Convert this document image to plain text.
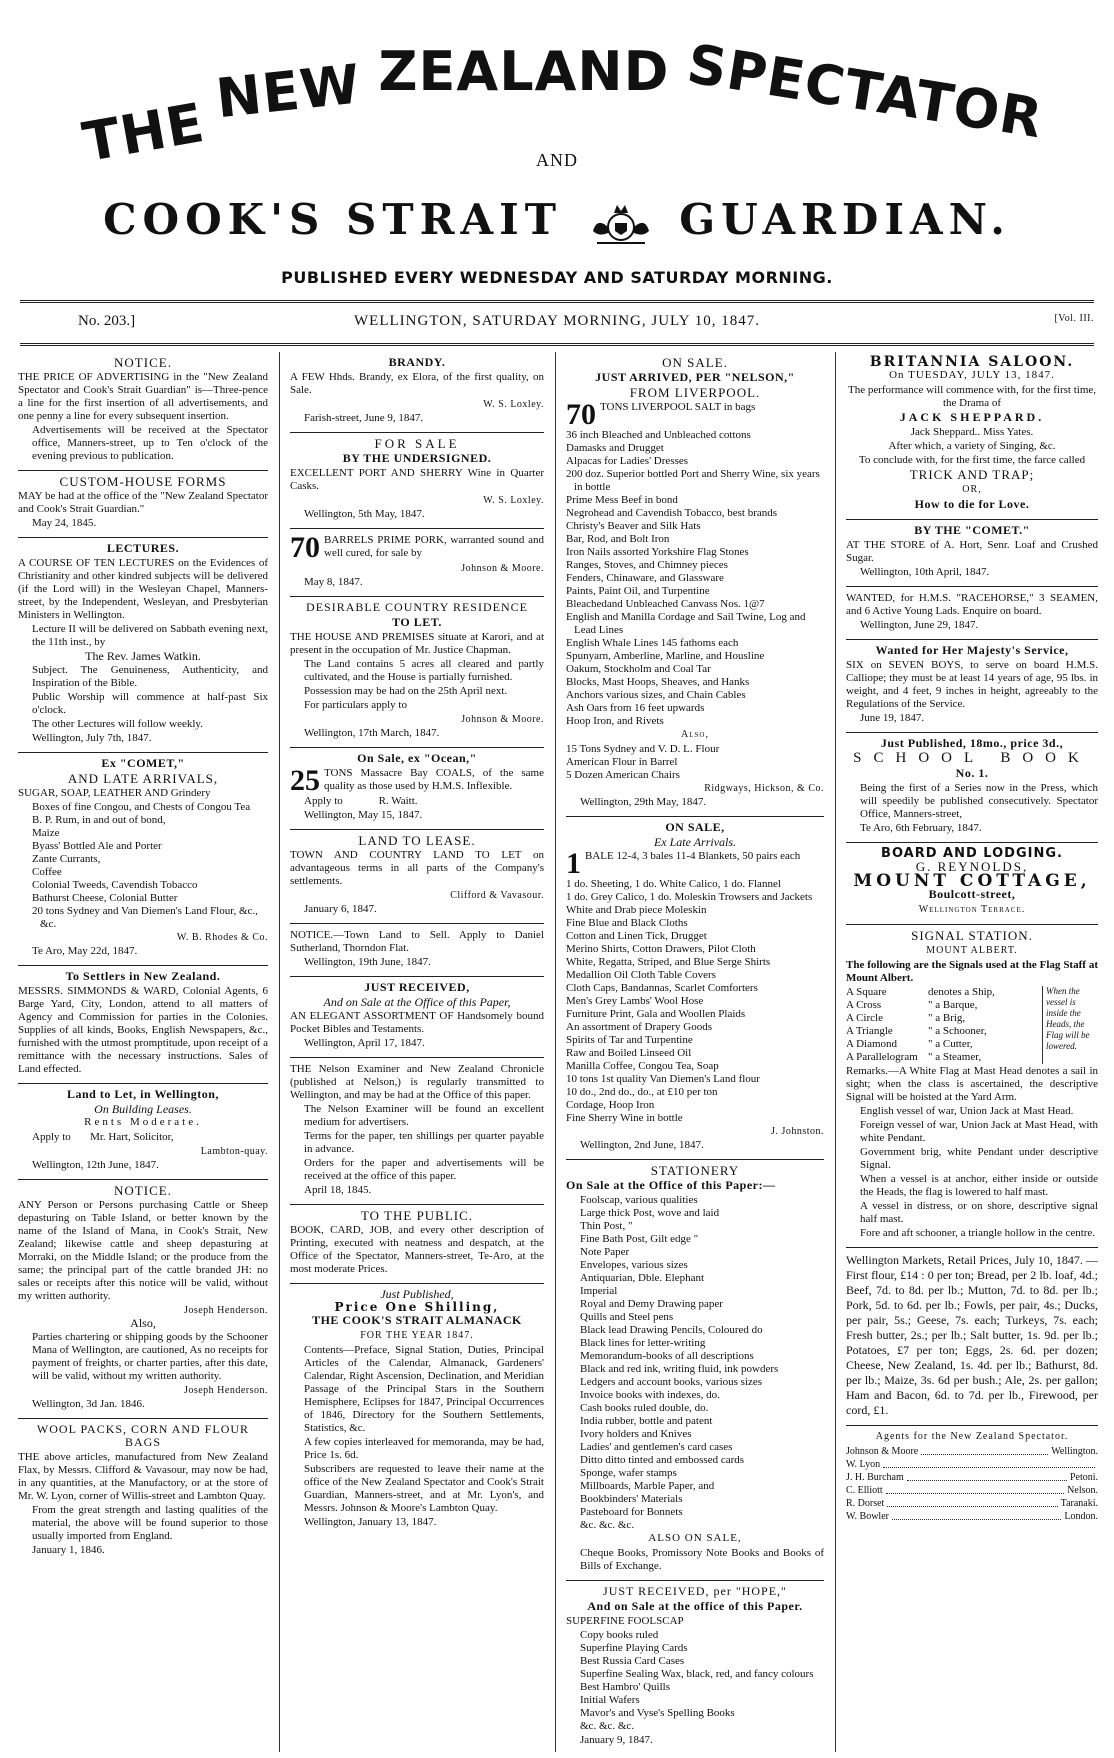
THE NEW ZEALAND SPECTATOR
AND
COOK'S STRAIT	GUARDIAN.
PUBLISHED EVERY WEDNESDAY AND SATURDAY MORNING.
WELLINGTON, SATURDAY MORNING, JULY 10, 1847.
No. 203.]	[Vol. III.
NOTICE.
THE PRICE OF ADVERTISING in the "New Zealand Spectator and Cook's Strait Guardian" is—Three-pence a line for the first insertion of all advertisements, and one penny a line for every subsequent insertion.
Advertisements will be received at the Spectator office, Manners-street, up to Ten o'clock of the evening previous to publication.
CUSTOM-HOUSE FORMS
MAY be had at the office of the "New Zealand Spectator and Cook's Strait Guardian."
May 24, 1845.
LECTURES.
A COURSE OF TEN LECTURES on the Evidences of Christianity and other kindred subjects will be delivered (if the Lord will) in the Wesleyan Chapel, Manners-street, by the Independent, Wesleyan, and Presbyterian Ministers in Wellington.
Lecture II will be delivered on Sabbath evening next, the 11th inst., by
The Rev. James Watkin.
Subject. The Genuineness, Authenticity, and Inspiration of the Bible.
Public Worship will commence at half-past Six o'clock.
The other Lectures will follow weekly.
Wellington, July 7th, 1847.
Ex "COMET,"
AND LATE ARRIVALS,
SUGAR, SOAP, LEATHER AND Grindery
Boxes of fine Congou, and Chests of Congou Tea
B. P. Rum, in and out of bond,
Maize
Byass' Bottled Ale and Porter
Zante Currants,
Coffee
Colonial Tweeds, Cavendish Tobacco
Bathurst Cheese, Colonial Butter
20 tons Sydney and Van Diemen's Land Flour, &c., &c.
W. B. Rhodes & Co.
Te Aro, May 22d, 1847.
To Settlers in New Zealand.
MESSRS. SIMMONDS & WARD, Colonial Agents, 6 Barge Yard, City, London, attend to all matters of Agency and Commission for parties in the Colonies. Supplies of all kinds, Books, English Newspapers, &c., furnished with the utmost promptitude, upon receipt of a remittance with the necessary instructions. Sales of Land effected.
Land to Let, in Wellington,
On Building Leases.
Rents Moderate.
Apply to Mr. Hart, Solicitor,
Lambton-quay.
Wellington, 12th June, 1847.
NOTICE.
ANY Person or Persons purchasing Cattle or Sheep depasturing on Table Island, or better known by the name of the Island of Mana, in Cook's Strait, New Zealand; likewise cattle and sheep depasturing at Morraki, on the Middle Island; or the produce from the same; the principal part of the cattle branded JH: no sales or receipts after this notice will be valid, without my written authority.
Joseph Henderson.
Also,
Parties chartering or shipping goods by the Schooner Mana of Wellington, are cautioned, As no receipts for payment of freights, or charter parties, after this date, will be valid, without my written authority.
Joseph Henderson.
Wellington, 3d Jan. 1846.
WOOL PACKS, CORN AND FLOUR BAGS
THE above articles, manufactured from New Zealand Flax, by Messrs. Clifford & Vavasour, may now be had, in any quantities, at the Manufactory, or at the store of Mr. W. Lyon, corner of Willis-street and Lambton Quay.
From the great strength and lasting qualities of the material, the above will be found superior to those usually imported from England.
January 1, 1846.
BRANDY.
A FEW Hhds. Brandy, ex Elora, of the first quality, on Sale.
W. S. Loxley.
Farish-street, June 9, 1847.
FOR SALE
BY THE UNDERSIGNED.
EXCELLENT PORT AND SHERRY Wine in Quarter Casks.
W. S. Loxley.
Wellington, 5th May, 1847.
70 BARRELS PRIME PORK, warranted sound and well cured, for sale by
Johnson & Moore.
May 8, 1847.
DESIRABLE COUNTRY RESIDENCE
TO LET.
THE HOUSE AND PREMISES situate at Karori, and at present in the occupation of Mr. Justice Chapman.
The Land contains 5 acres all cleared and partly cultivated, and the House is partially furnished.
Possession may be had on the 25th April next.
For particulars apply to
Johnson & Moore.
Wellington, 17th March, 1847.
On Sale, ex "Ocean,"
25 TONS Massacre Bay COALS, of the same quality as those used by H.M.S. Inflexible.
Apply to	R. Waitt.
Wellington, May 15, 1847.
LAND TO LEASE.
TOWN AND COUNTRY LAND TO LET on advantageous terms in all parts of the Company's settlements.
Clifford & Vavasour.
January 6, 1847.
NOTICE.—Town Land to Sell. Apply to Daniel Sutherland, Thorndon Flat.
Wellington, 19th June, 1847.
JUST RECEIVED,
And on Sale at the Office of this Paper,
AN ELEGANT ASSORTMENT OF Handsomely bound Pocket Bibles and Testaments.
Wellington, April 17, 1847.
THE Nelson Examiner and New Zealand Chronicle (published at Nelson,) is regularly transmitted to Wellington, and may be had at the Office of this paper.
The Nelson Examiner will be found an excellent medium for advertisers.
Terms for the paper, ten shillings per quarter payable in advance.
Orders for the paper and advertisements will be received at the office of this paper.
April 18, 1845.
TO THE PUBLIC.
BOOK, CARD, JOB, and every other description of Printing, executed with neatness and despatch, at the Office of the Spectator, Manners-street, Te-Aro, at the most moderate Prices.
Just Published,
Price One Shilling,
THE COOK'S STRAIT ALMANACK
FOR THE YEAR 1847.
Contents—Preface, Signal Station, Duties, Principal Articles of the Calendar, Almanack, Gardeners' Calendar, Right Ascension, Declination, and Meridian Passage of the Principal Stars in the Southern Hemisphere, Eclipses for 1847, Principal Occurrences of 1846, Directory for the Southern Settlements, Statistics, &c.
A few copies interleaved for memoranda, may be had, Price 1s. 6d.
Subscribers are requested to leave their name at the office of the New Zealand Spectator and Cook's Strait Guardian, Manners-street, and at Mr. Lyon's, and Messrs. Johnson & Moore's Lambton Quay.
Wellington, January 13, 1847.
ON SALE.
JUST ARRIVED, PER "NELSON,"
FROM LIVERPOOL.
70 TONS LIVERPOOL SALT in bags
36 inch Bleached and Unbleached cottons
Damasks and Drugget
Alpacas for Ladies' Dresses
200 doz. Superior bottled Port and Sherry Wine, six years in bottle
Prime Mess Beef in bond
Negrohead and Cavendish Tobacco, best brands
Christy's Beaver and Silk Hats
Bar, Rod, and Bolt Iron
Iron Nails assorted Yorkshire Flag Stones
Ranges, Stoves, and Chimney pieces
Fenders, Chinaware, and Glassware
Paints, Paint Oil, and Turpentine
Bleachedand Unbleached Canvass Nos. 1@7
English and Manilla Cordage and Sail Twine, Log and Lead Lines
English Whale Lines 145 fathoms each
Spunyarn, Amberline, Marline, and Housline
Oakum, Stockholm and Coal Tar
Blocks, Mast Hoops, Sheaves, and Hanks
Anchors various sizes, and Chain Cables
Ash Oars from 16 feet upwards
Hoop Iron, and Rivets
Also,
15 Tons Sydney and V. D. L. Flour
American Flour in Barrel
5 Dozen American Chairs
Ridgways, Hickson, & Co.
Wellington, 29th May, 1847.
ON SALE,
Ex Late Arrivals.
1 BALE 12-4, 3 bales 11-4 Blankets, 50 pairs each
1 do. Sheeting, 1 do. White Calico, 1 do. Flannel
1 do. Grey Calico, 1 do. Moleskin Trowsers and Jackets
White and Drab piece Moleskin
Fine Blue and Black Cloths
Cotton and Linen Tick, Drugget
Merino Shirts, Cotton Drawers, Pilot Cloth
White, Regatta, Striped, and Blue Serge Shirts
Medallion Oil Cloth Table Covers
Cloth Caps, Bandannas, Scarlet Comforters
Men's Grey Lambs' Wool Hose
Furniture Print, Gala and Woollen Plaids
An assortment of Drapery Goods
Spirits of Tar and Turpentine
Raw and Boiled Linseed Oil
Manilla Coffee, Congou Tea, Soap
10 tons 1st quality Van Diemen's Land flour
10 do., 2nd do., do., at £10 per ton
Cordage, Hoop Iron
Fine Sherry Wine in bottle
J. Johnston.
Wellington, 2nd June, 1847.
STATIONERY
On Sale at the Office of this Paper:—
Foolscap, various qualities
Large thick Post, wove and laid
Thin Post, "
Fine Bath Post, Gilt edge "
Note Paper
Envelopes, various sizes
Antiquarian, Dble. Elephant
Imperial
Royal and Demy Drawing paper
Quills and Steel pens
Black lead Drawing Pencils, Coloured do
Black lines for letter-writing
Memorandum-books of all descriptions
Black and red ink, writing fluid, ink powders
Ledgers and account books, various sizes
Invoice books with indexes, do.
Cash books ruled double, do.
India rubber, bottle and patent
Ivory holders and Knives
Ladies' and gentlemen's card cases
Ditto ditto tinted and embossed cards
Sponge, wafer stamps
Millboards, Marble Paper, and
Bookbinders' Materials
Pasteboard for Bonnets
&c. &c. &c.
ALSO ON SALE,
Cheque Books, Promissory Note Books and Books of Bills of Exchange.
JUST RECEIVED, per "HOPE,"
And on Sale at the office of this Paper.
SUPERFINE FOOLSCAP
Copy books ruled
Superfine Playing Cards
Best Russia Card Cases
Superfine Sealing Wax, black, red, and fancy colours
Best Hambro' Quills
Initial Wafers
Mavor's and Vyse's Spelling Books
&c. &c. &c.
January 9, 1847.
BRITANNIA SALOON.
On TUESDAY, JULY 13, 1847.
The performance will commence with, for the first time, the Drama of
JACK SHEPPARD.
Jack Sheppard.. Miss Yates.
After which, a variety of Singing, &c.
To conclude with, for the first time, the farce called
TRICK AND TRAP;
OR,
How to die for Love.
BY THE "COMET."
AT THE STORE of A. Hort, Senr. Loaf and Crushed Sugar.
Wellington, 10th April, 1847.
WANTED, for H.M.S. "RACEHORSE," 3 SEAMEN, and 6 Active Young Lads. Enquire on board.
Wellington, June 29, 1847.
Wanted for Her Majesty's Service,
SIX on SEVEN BOYS, to serve on board H.M.S. Calliope; they must be at least 14 years of age, 95 lbs. in weight, and 4 feet, 9 inches in height, agreeably to the Regulations of the Service.
June 19, 1847.
Just Published, 18mo., price 3d.,
SCHOOL BOOK
No. 1.
Being the first of a Series now in the Press, which will speedily be published consecutively. Spectator Office, Manners-street,
Te Aro, 6th February, 1847.
BOARD AND LODGING.
G. REYNOLDS,
MOUNT COTTAGE,
Boulcott-street,
Wellington Terrace.
SIGNAL STATION.
MOUNT ALBERT.
The following are the Signals used at the Flag Staff at Mount Albert.
A Square	denotes a Ship,
A Cross	" a Barque,
A Circle	" a Brig,
A Triangle	" a Schooner,
A Diamond	" a Cutter,
A Parallelogram " a Steamer,
When the vessel is inside the Heads, the Flag will be lowered.
Remarks.—A White Flag at Mast Head denotes a sail in sight; when the class is ascertained, the descriptive Signal will be hoisted at the Yard Arm.
English vessel of war, Union Jack at Mast Head.
Foreign vessel of war, Union Jack at Mast Head, with white Pendant.
Government brig, white Pendant under descriptive Signal.
When a vessel is at anchor, either inside or outside the Heads, the flag is lowered to half mast.
A vessel in distress, or on shore, descriptive signal half mast.
Fore and aft schooner, a triangle hollow in the centre.
Wellington Markets, Retail Prices, July 10, 1847. — First flour, £14 : 0 per ton; Bread, per 2 lb. loaf, 4d.; Beef, 7d. to 8d. per lb.; Mutton, 7d. to 8d. per lb.; Pork, 5d. to 6d. per lb.; Fowls, per pair, 4s.; Ducks, per pair, 5s.; Geese, 7s. each; Turkeys, 7s. each; Fresh butter, 2s.; per lb.; Salt butter, 1s. 9d. per lb.; Potatoes, £7 per ton; Eggs, 2s. 6d. per dozen; Cheese, New Zealand, 1s. 4d. per lb.; Bathurst, 8d. per lb.; Maize, 3s. 6d per bush.; Ale, 2s. per gallon; Ham and Bacon, 6d. to 7d. per lb., Firewood, per cord, £1.
Agents for the New Zealand Spectator.
Johnson & Moore	Wellington.
W. Lyon
J. H. Burcham	Petoni.
C. Elliott	Nelson.
R. Dorset	Taranaki.
W. Bowler	London.
